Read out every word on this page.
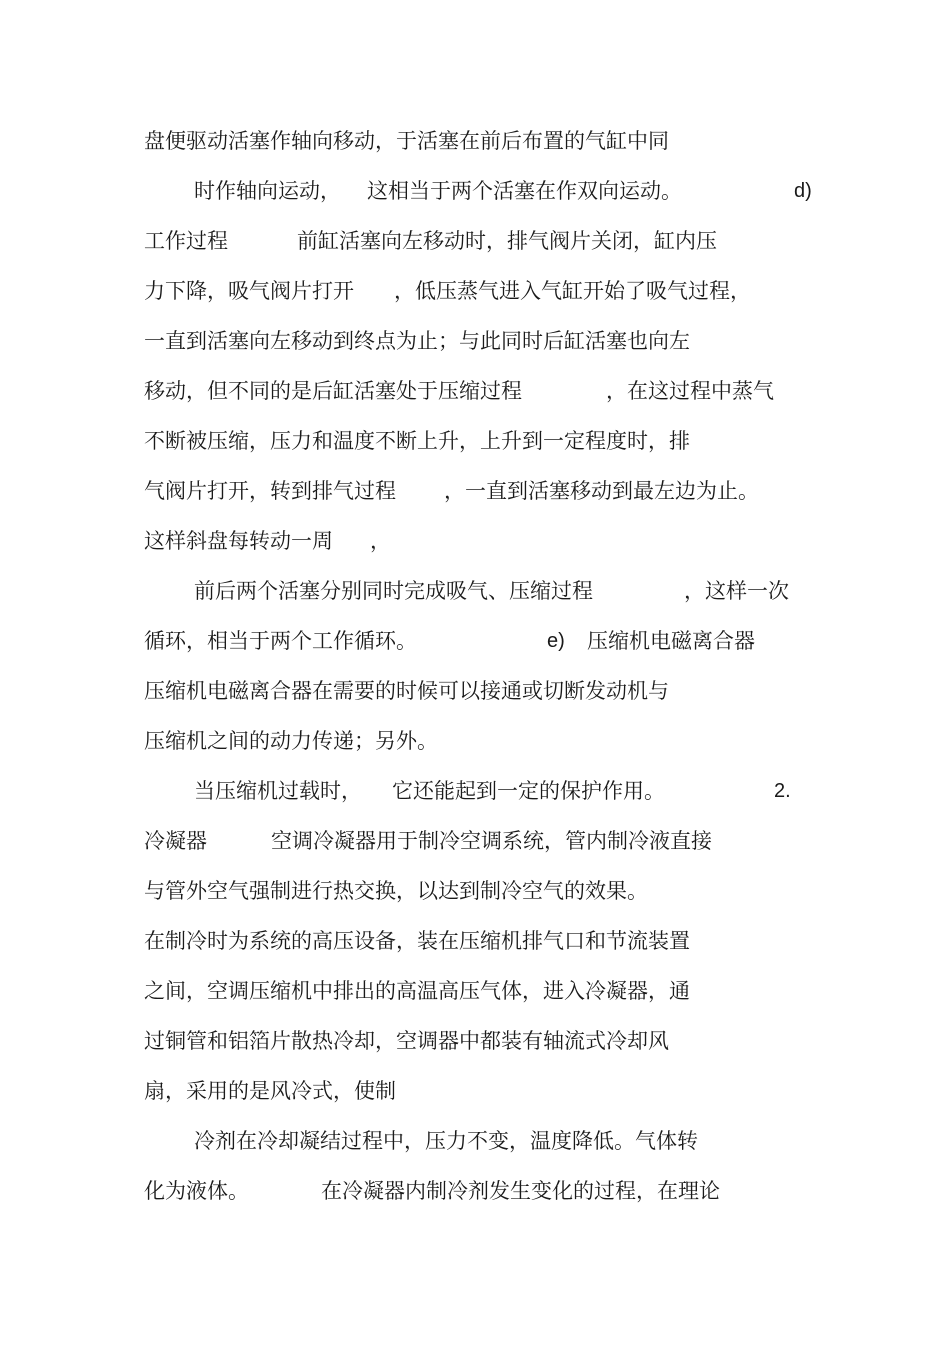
盘便驱动活塞作轴向移动，于活塞在前后布置的气缸中同

时作轴向运动， 这相当于两个活塞在作双向运动。	d)

工作过程	前缸活塞向左移动时，排气阀片关闭，缸内压

力下降，吸气阀片打开 ，低压蒸气进入气缸开始了吸气过程，

一直到活塞向左移动到终点为止；与此同时后缸活塞也向左

移动，但不同的是后缸活塞处于压缩过程	，在这过程中蒸气

不断被压缩，压力和温度不断上升，上升到一定程度时，排

气阀片打开，转到排气过程 ，一直到活塞移动到最左边为止。

这样斜盘每转动一周 ，

前后两个活塞分别同时完成吸气、压缩过程	，这样一次

循环，相当于两个工作循环。	e) 压缩机电磁离合器

压缩机电磁离合器在需要的时候可以接通或切断发动机与

压缩机之间的动力传递；另外。

当压缩机过载时， 它还能起到一定的保护作用。	2.

冷凝器	空调冷凝器用于制冷空调系统，管内制冷液直接

与管外空气强制进行热交换，以达到制冷空气的效果。

在制冷时为系统的高压设备，装在压缩机排气口和节流装置

之间，空调压缩机中排出的高温高压气体，进入冷凝器，通

过铜管和铝箔片散热冷却，空调器中都装有轴流式冷却风

扇，采用的是风冷式，使制

冷剂在冷却凝结过程中，压力不变，温度降低。气体转

化为液体。	在冷凝器内制冷剂发生变化的过程，在理论
